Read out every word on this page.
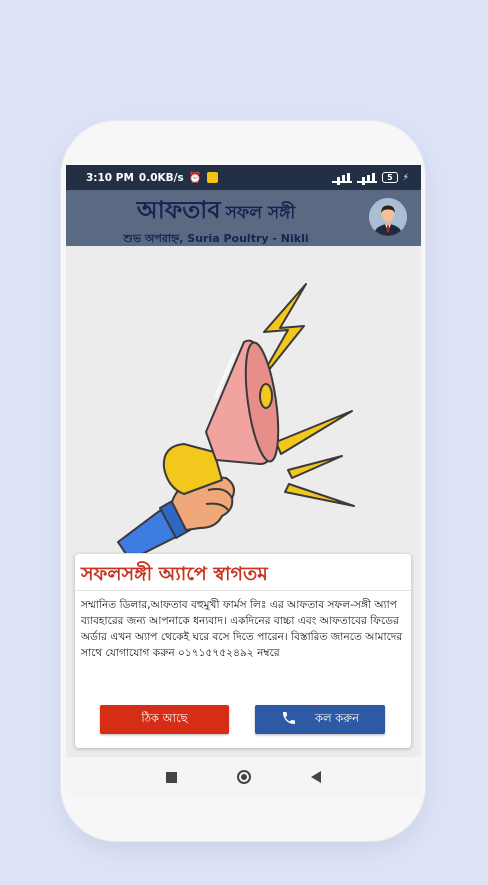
3:10 PM 0.0KB/s ⏰	5	⚡
আফতাব সফল সঙ্গী
শুভ অপরাহ্ন, Suria Poultry - Nikli
সফলসঙ্গী অ্যাপে স্বাগতম
সম্মানিত ডিলার,আফতাব বহুমুখী ফার্মস লিঃ এর আফতাব সফল-সঙ্গী অ্যাপ ব্যাবহারের জন্য আপনাকে ধন্যবাদ। একদিনের বাচ্চা এবং আফতাবের ফিডের অর্ডার এখন অ্যাপ থেকেই ঘরে বসে দিতে পারেন। বিস্তারিত জানতে আমাদের সাথে যোগাযোগ করুন ০১৭১৫৭৫২৪৯২ নম্বরে
ঠিক আছে	কল করুন
